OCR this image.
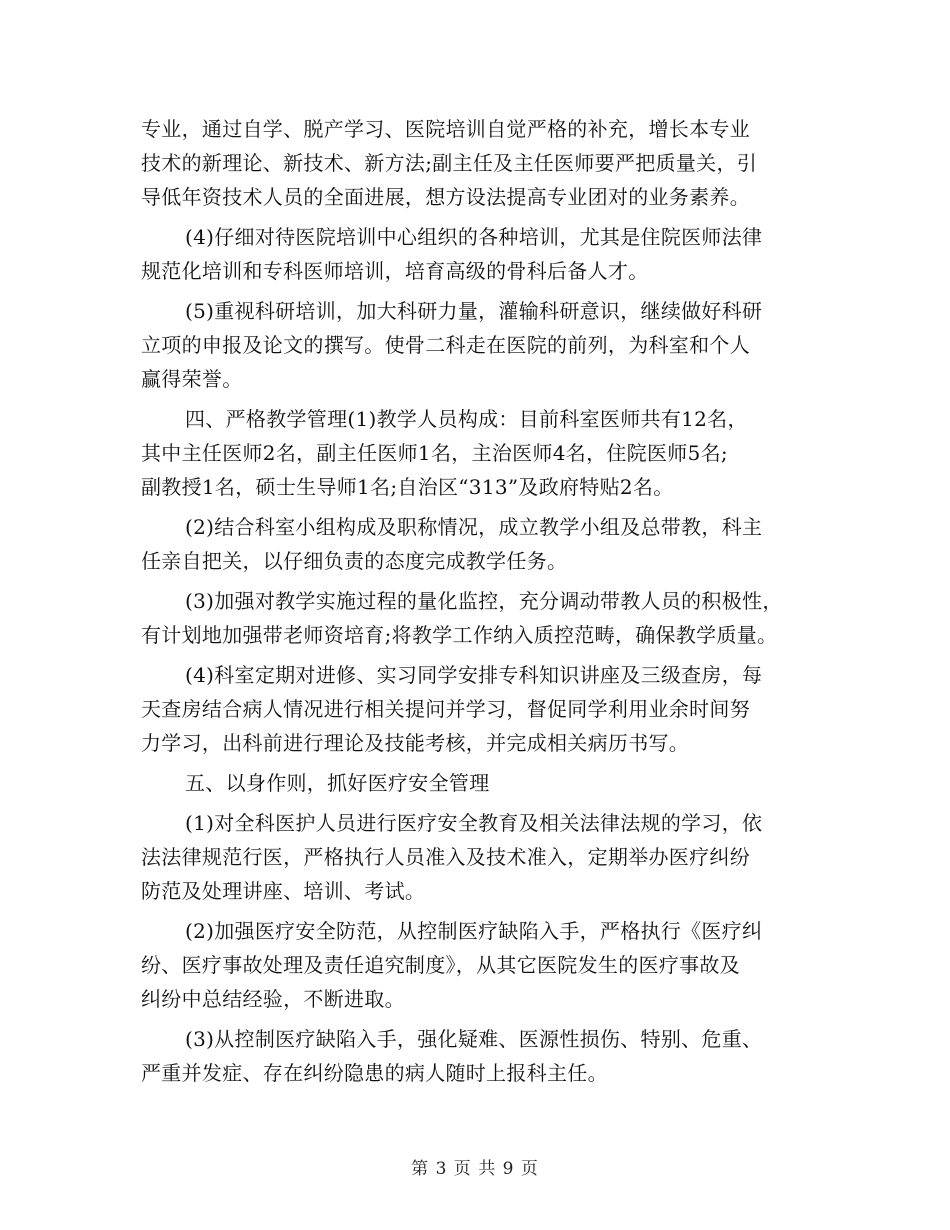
专业，通过自学、脱产学习、医院培训自觉严格的补充，增长本专业
技术的新理论、新技术、新方法;副主任及主任医师要严把质量关，引
导低年资技术人员的全面进展，想方设法提高专业团对的业务素养。

(4)仔细对待医院培训中心组织的各种培训，尤其是住院医师法律
规范化培训和专科医师培训，培育高级的骨科后备人才。

(5)重视科研培训，加大科研力量，灌输科研意识，继续做好科研
立项的申报及论文的撰写。使骨二科走在医院的前列，为科室和个人
赢得荣誉。

四、严格教学管理(1)教学人员构成：目前科室医师共有12名，
其中主任医师2名，副主任医师1名，主治医师4名，住院医师5名;
副教授1名，硕士生导师1名;自治区“313”及政府特贴2名。

(2)结合科室小组构成及职称情况，成立教学小组及总带教，科主
任亲自把关，以仔细负责的态度完成教学任务。

(3)加强对教学实施过程的量化监控，充分调动带教人员的积极性，
有计划地加强带老师资培育;将教学工作纳入质控范畴，确保教学质量。

(4)科室定期对进修、实习同学安排专科知识讲座及三级查房，每
天查房结合病人情况进行相关提问并学习，督促同学利用业余时间努
力学习，出科前进行理论及技能考核，并完成相关病历书写。

五、以身作则，抓好医疗安全管理

(1)对全科医护人员进行医疗安全教育及相关法律法规的学习，依
法法律规范行医，严格执行人员准入及技术准入，定期举办医疗纠纷
防范及处理讲座、培训、考试。

(2)加强医疗安全防范，从控制医疗缺陷入手，严格执行《医疗纠
纷、医疗事故处理及责任追究制度》，从其它医院发生的医疗事故及
纠纷中总结经验，不断进取。

(3)从控制医疗缺陷入手，强化疑难、医源性损伤、特别、危重、
严重并发症、存在纠纷隐患的病人随时上报科主任。

第 3 页 共 9 页
